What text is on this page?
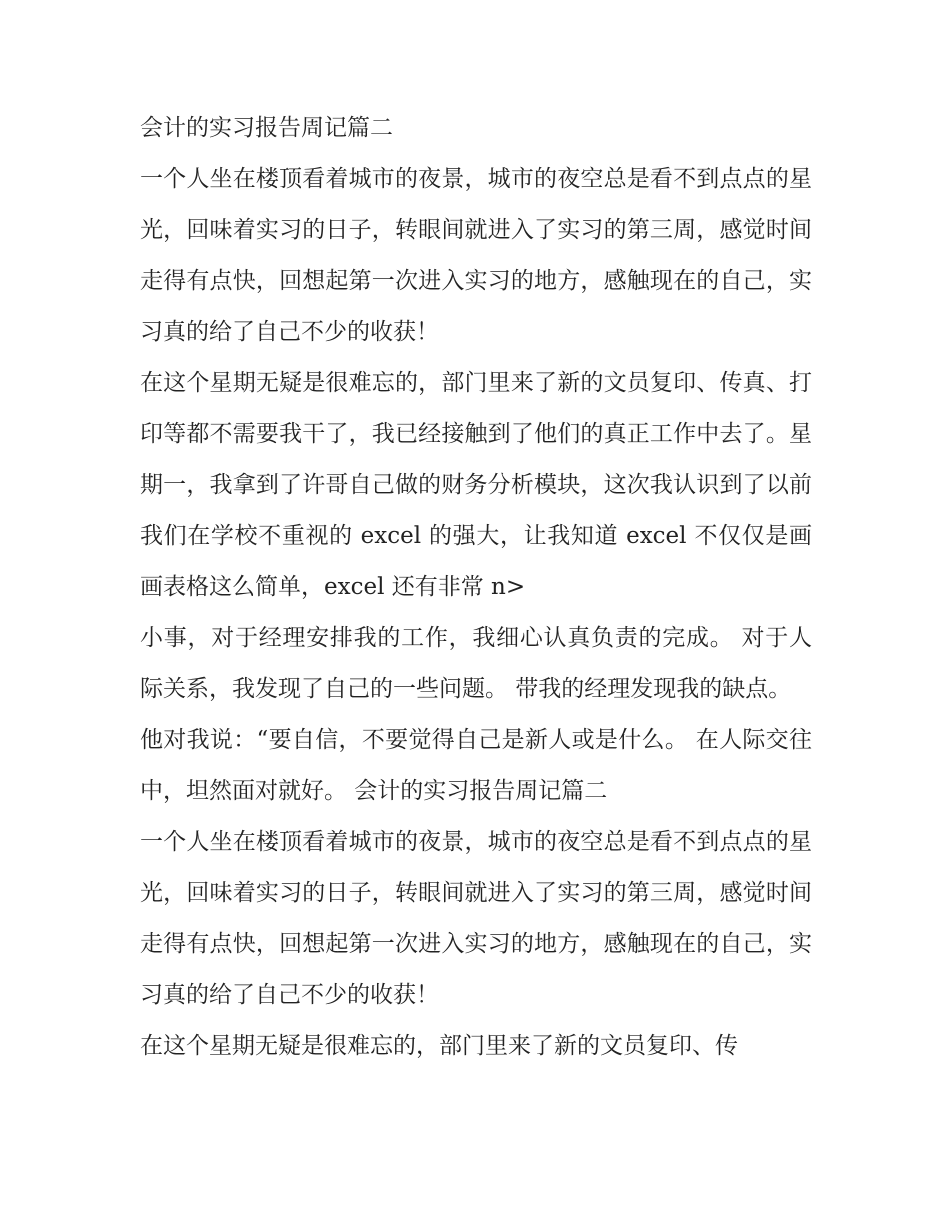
会计的实习报告周记篇二

一个人坐在楼顶看着城市的夜景，城市的夜空总是看不到点点的星光，回味着实习的日子，转眼间就进入了实习的第三周，感觉时间走得有点快，回想起第一次进入实习的地方，感触现在的自己，实习真的给了自己不少的收获！

在这个星期无疑是很难忘的，部门里来了新的文员复印、传真、打印等都不需要我干了，我已经接触到了他们的真正工作中去了。星期一，我拿到了许哥自己做的财务分析模块，这次我认识到了以前我们在学校不重视的 excel 的强大，让我知道 excel 不仅仅是画画表格这么简单，excel 还有非常 n>

小事，对于经理安排我的工作，我细心认真负责的完成。 对于人际关系，我发现了自己的一些问题。 带我的经理发现我的缺点。

他对我说：“要自信，不要觉得自己是新人或是什么。 在人际交往中，坦然面对就好。 会计的实习报告周记篇二

一个人坐在楼顶看着城市的夜景，城市的夜空总是看不到点点的星光，回味着实习的日子，转眼间就进入了实习的第三周，感觉时间走得有点快，回想起第一次进入实习的地方，感触现在的自己，实习真的给了自己不少的收获！

在这个星期无疑是很难忘的，部门里来了新的文员复印、传
